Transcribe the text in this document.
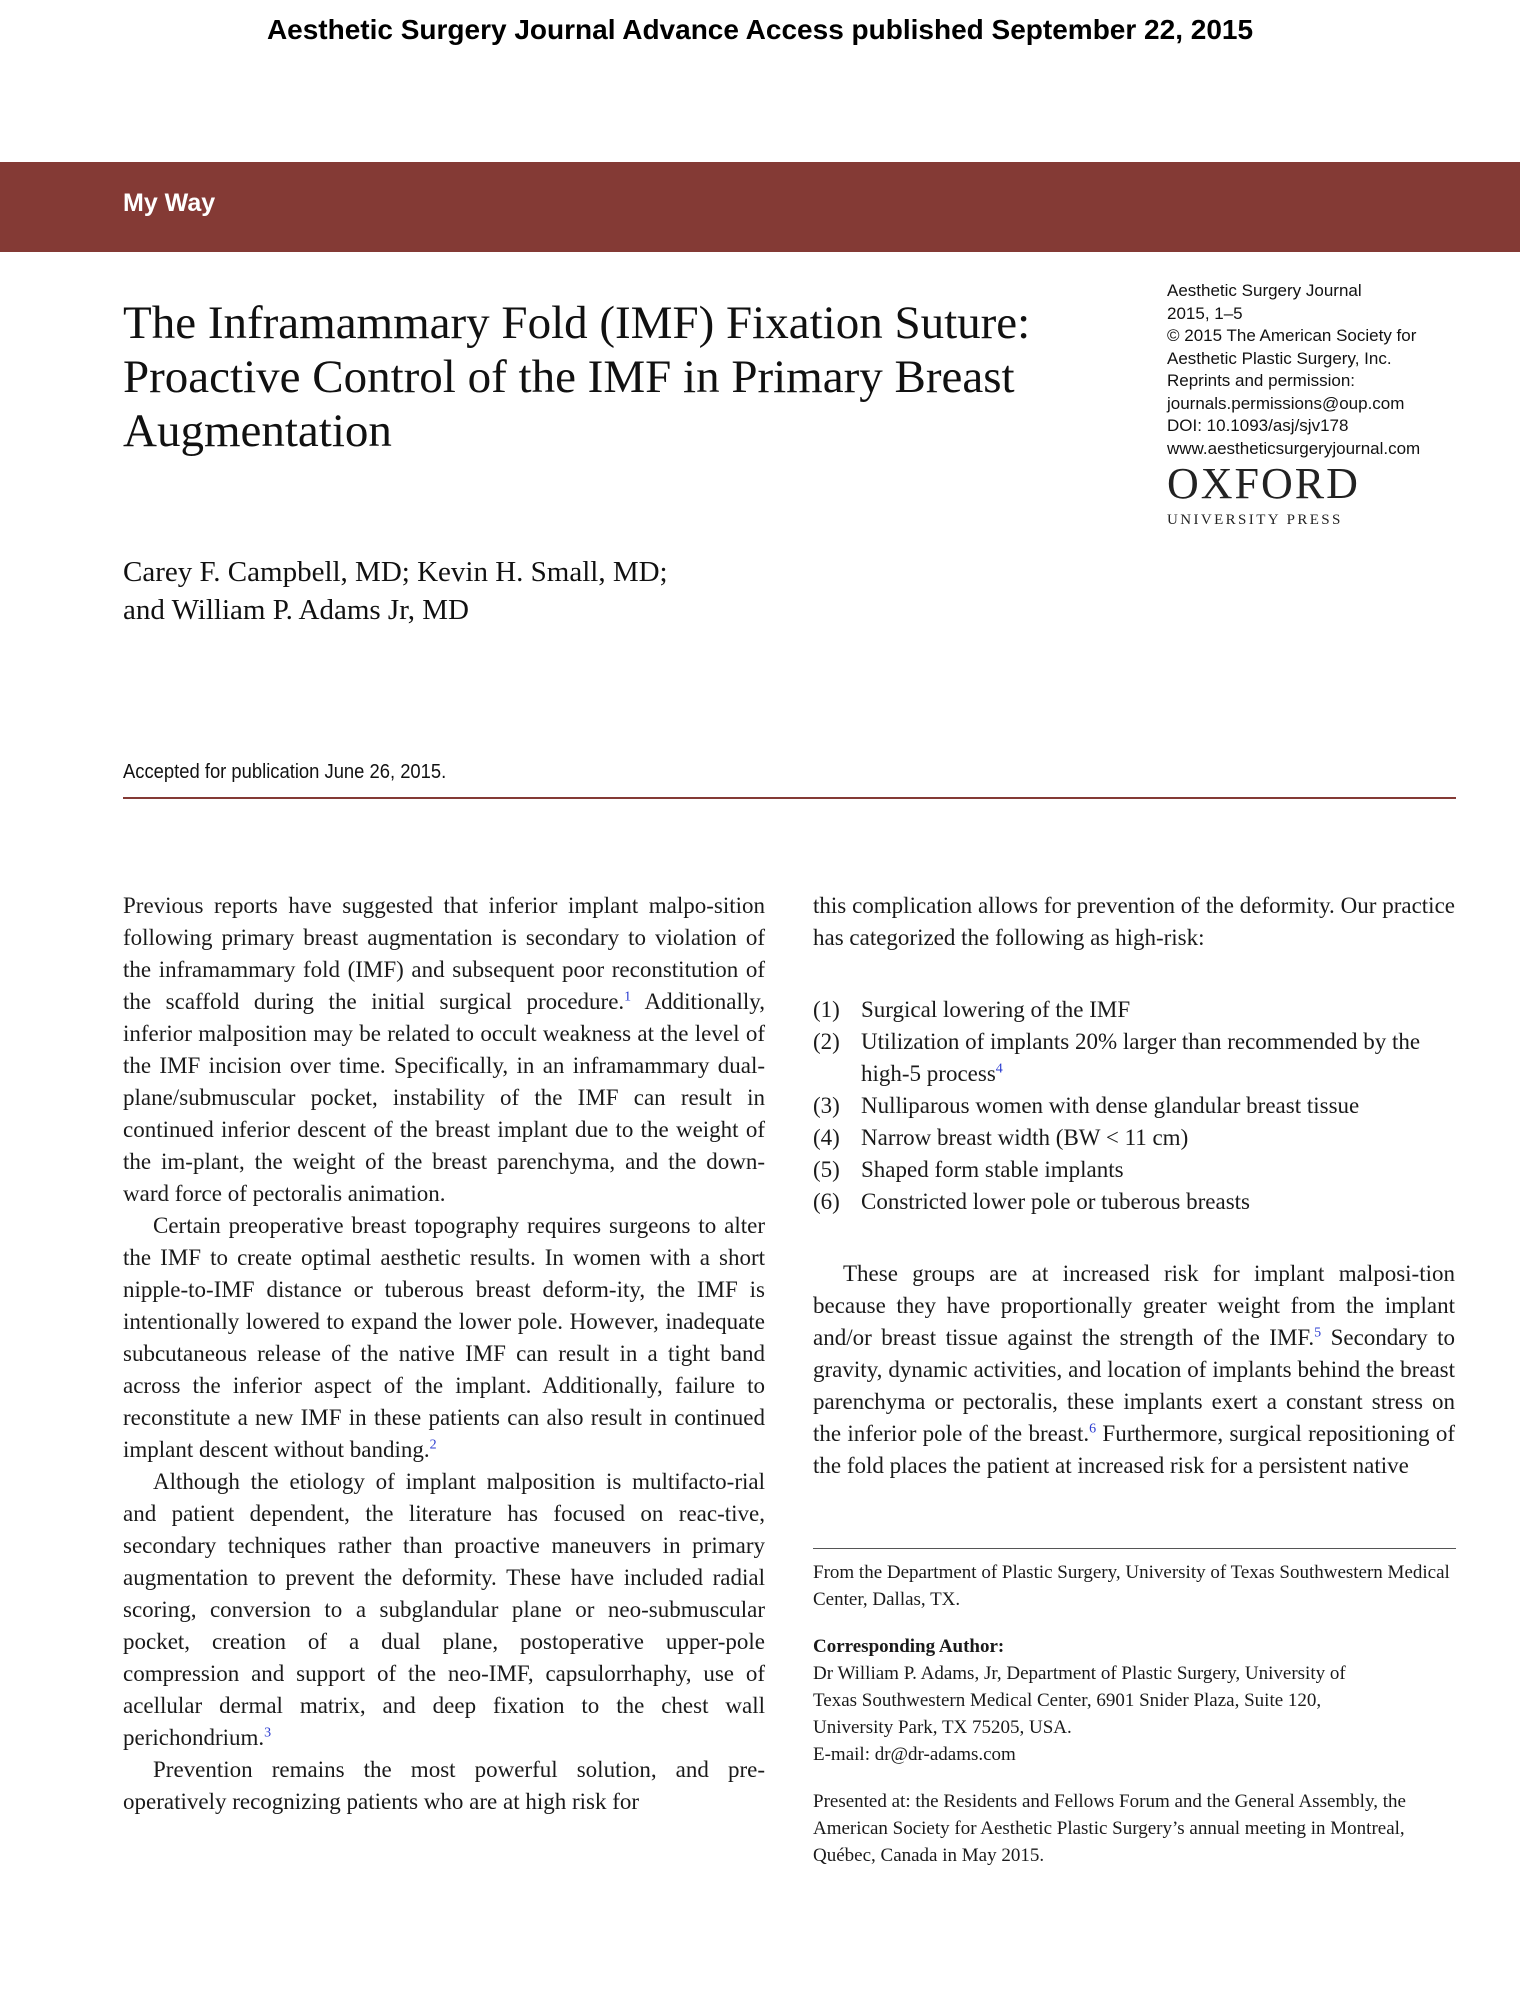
Aesthetic Surgery Journal Advance Access published September 22, 2015
My Way
The Inframammary Fold (IMF) Fixation Suture: Proactive Control of the IMF in Primary Breast Augmentation
Aesthetic Surgery Journal
2015, 1–5
© 2015 The American Society for
Aesthetic Plastic Surgery, Inc.
Reprints and permission:
journals.permissions@oup.com
DOI: 10.1093/asj/sjv178
www.aestheticsurgeryjournal.com
OXFORD
UNIVERSITY PRESS
Carey F. Campbell, MD; Kevin H. Small, MD;
and William P. Adams Jr, MD
Accepted for publication June 26, 2015.

Previous reports have suggested that inferior implant malpo-sition following primary breast augmentation is secondary to violation of the inframammary fold (IMF) and subsequent poor reconstitution of the scaffold during the initial surgical procedure.$^1$ Additionally, inferior malposition may be related to occult weakness at the level of the IMF incision over time. Specifically, in an inframammary dual-plane/submuscular pocket, instability of the IMF can result in continued inferior descent of the breast implant due to the weight of the im-plant, the weight of the breast parenchyma, and the down-ward force of pectoralis animation.

Certain preoperative breast topography requires surgeons to alter the IMF to create optimal aesthetic results. In women with a short nipple-to-IMF distance or tuberous breast deform-ity, the IMF is intentionally lowered to expand the lower pole. However, inadequate subcutaneous release of the native IMF can result in a tight band across the inferior aspect of the implant. Additionally, failure to reconstitute a new IMF in these patients can also result in continued implant descent without banding.$^2$

Although the etiology of implant malposition is multifacto-rial and patient dependent, the literature has focused on reac-tive, secondary techniques rather than proactive maneuvers in primary augmentation to prevent the deformity. These have included radial scoring, conversion to a subglandular plane or neo-submuscular pocket, creation of a dual plane, postoperative upper-pole compression and support of the neo-IMF, capsulorrhaphy, use of acellular dermal matrix, and deep fixation to the chest wall perichondrium.$^3$

Prevention remains the most powerful solution, and pre-operatively recognizing patients who are at high risk for

this complication allows for prevention of the deformity. Our practice has categorized the following as high-risk:

(1) Surgical lowering of the IMF
(2) Utilization of implants 20% larger than recommended by the high-5 process$^4$
(3) Nulliparous women with dense glandular breast tissue
(4) Narrow breast width (BW < 11 cm)
(5) Shaped form stable implants
(6) Constricted lower pole or tuberous breasts

These groups are at increased risk for implant malposi-tion because they have proportionally greater weight from the implant and/or breast tissue against the strength of the IMF.$^5$ Secondary to gravity, dynamic activities, and location of implants behind the breast parenchyma or pectoralis, these implants exert a constant stress on the inferior pole of the breast.$^6$ Furthermore, surgical repositioning of the fold places the patient at increased risk for a persistent native

From the Department of Plastic Surgery, University of Texas Southwestern Medical Center, Dallas, TX.

Corresponding Author:
Dr William P. Adams, Jr, Department of Plastic Surgery, University of
Texas Southwestern Medical Center, 6901 Snider Plaza, Suite 120,
University Park, TX 75205, USA.
E-mail: dr@dr-adams.com

Presented at: the Residents and Fellows Forum and the General Assembly, the American Society for Aesthetic Plastic Surgery’s annual meeting in Montreal, Québec, Canada in May 2015.
